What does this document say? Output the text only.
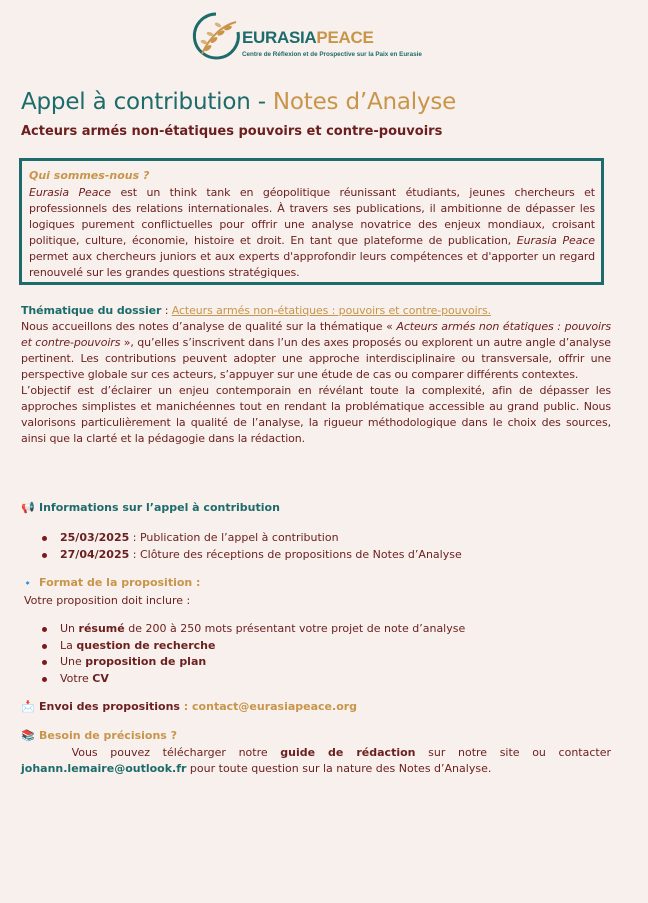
EURASIAPEACE
Centre de Réflexion et de Prospective sur la Paix en Eurasie
Appel à contribution - Notes d’Analyse
Acteurs armés non-étatiques pouvoirs et contre-pouvoirs
Qui sommes-nous ?

Eurasia Peace est un think tank en géopolitique réunissant étudiants, jeunes chercheurs et professionnels des relations internationales. À travers ses publications, il ambitionne de dépasser les logiques purement conflictuelles pour offrir une analyse novatrice des enjeux mondiaux, croisant politique, culture, économie, histoire et droit. En tant que plateforme de publication, Eurasia Peace permet aux chercheurs juniors et aux experts d'approfondir leurs compétences et d'apporter un regard renouvelé sur les grandes questions stratégiques.

Thématique du dossier : Acteurs armés non-étatiques : pouvoirs et contre-pouvoirs.

Nous accueillons des notes d’analyse de qualité sur la thématique « Acteurs armés non étatiques : pouvoirs et contre-pouvoirs », qu’elles s’inscrivent dans l’un des axes proposés ou explorent un autre angle d’analyse pertinent. Les contributions peuvent adopter une approche interdisciplinaire ou transversale, offrir une perspective globale sur ces acteurs, s’appuyer sur une étude de cas ou comparer différents contextes.

L’objectif est d’éclairer un enjeu contemporain en révélant toute la complexité, afin de dépasser les approches simplistes et manichéennes tout en rendant la problématique accessible au grand public. Nous valorisons particulièrement la qualité de l’analyse, la rigueur méthodologique dans le choix des sources, ainsi que la clarté et la pédagogie dans la rédaction.

📢 Informations sur l’appel à contribution
25/03/2025 : Publication de l’appel à contribution
27/04/2025 : Clôture des réceptions de propositions de Notes d’Analyse
🔹 Format de la proposition :
Votre proposition doit inclure :
Un résumé de 200 à 250 mots présentant votre projet de note d’analyse
La question de recherche
Une proposition de plan
Votre CV
📩 Envoi des propositions : contact@eurasiapeace.org
📚 Besoin de précisions ?
Vous pouvez télécharger notre guide de rédaction sur notre site ou contacter johann.lemaire@outlook.fr pour toute question sur la nature des Notes d’Analyse.
